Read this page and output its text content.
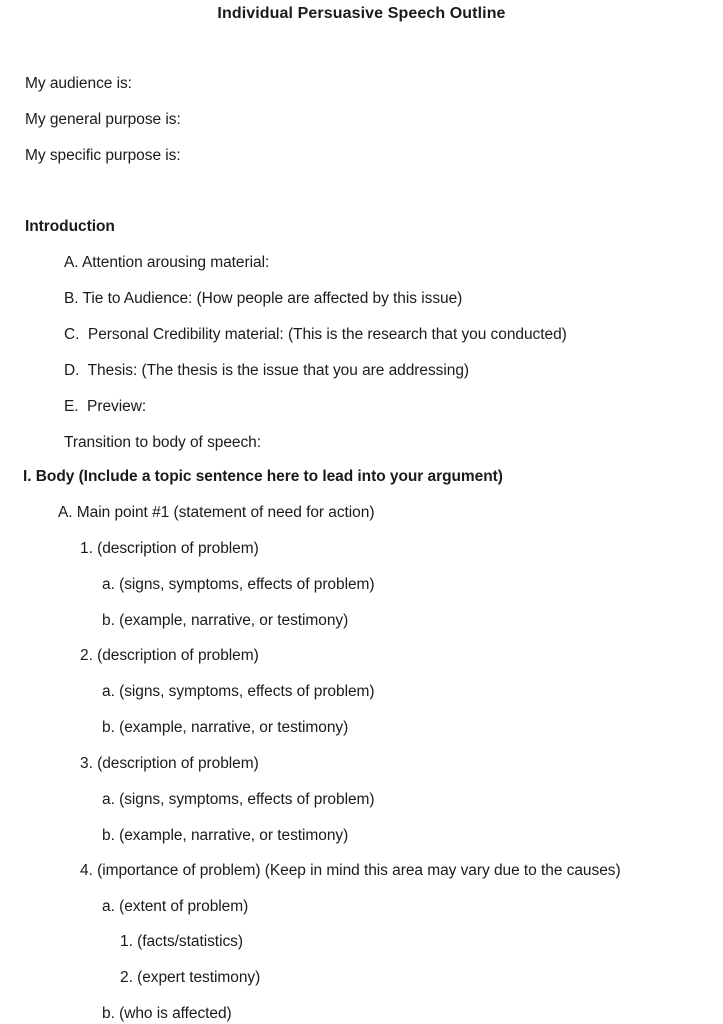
Individual Persuasive Speech Outline
My audience is:
My general purpose is:
My specific purpose is:
Introduction
A. Attention arousing material:
B. Tie to Audience: (How people are affected by this issue)
C.  Personal Credibility material: (This is the research that you conducted)
D.  Thesis: (The thesis is the issue that you are addressing)
E.  Preview:
Transition to body of speech:
I. Body (Include a topic sentence here to lead into your argument)
A. Main point #1 (statement of need for action)
1. (description of problem)
a. (signs, symptoms, effects of problem)
b. (example, narrative, or testimony)
2. (description of problem)
a. (signs, symptoms, effects of problem)
b. (example, narrative, or testimony)
3. (description of problem)
a. (signs, symptoms, effects of problem)
b. (example, narrative, or testimony)
4. (importance of problem) (Keep in mind this area may vary due to the causes)
a. (extent of problem)
1. (facts/statistics)
2. (expert testimony)
b. (who is affected)
